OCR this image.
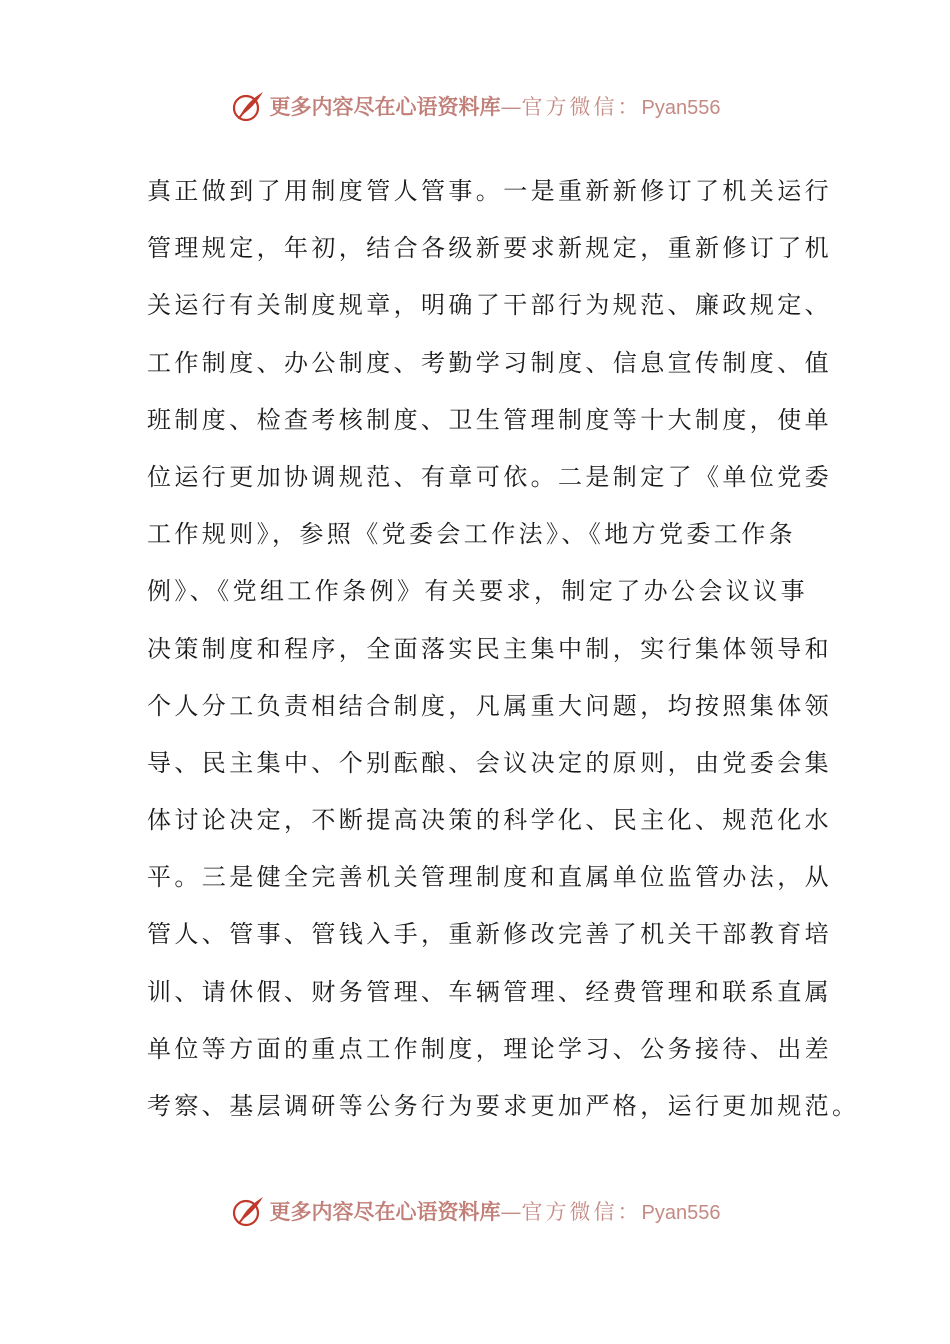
更多内容尽在心语资料库—官方微信：Pyan556
真正做到了用制度管人管事。一是重新新修订了机关运行
管理规定，年初，结合各级新要求新规定，重新修订了机
关运行有关制度规章，明确了干部行为规范、廉政规定、
工作制度、办公制度、考勤学习制度、信息宣传制度、值
班制度、检查考核制度、卫生管理制度等十大制度，使单
位运行更加协调规范、有章可依。二是制定了《单位党委
工作规则》，参照《党委会工作法》、《地方党委工作条
例》、《党组工作条例》有关要求，制定了办公会议议事
决策制度和程序，全面落实民主集中制，实行集体领导和
个人分工负责相结合制度，凡属重大问题，均按照集体领
导、民主集中、个别酝酿、会议决定的原则，由党委会集
体讨论决定，不断提高决策的科学化、民主化、规范化水
平。三是健全完善机关管理制度和直属单位监管办法，从
管人、管事、管钱入手，重新修改完善了机关干部教育培
训、请休假、财务管理、车辆管理、经费管理和联系直属
单位等方面的重点工作制度，理论学习、公务接待、出差
考察、基层调研等公务行为要求更加严格，运行更加规范。
更多内容尽在心语资料库—官方微信：Pyan556
